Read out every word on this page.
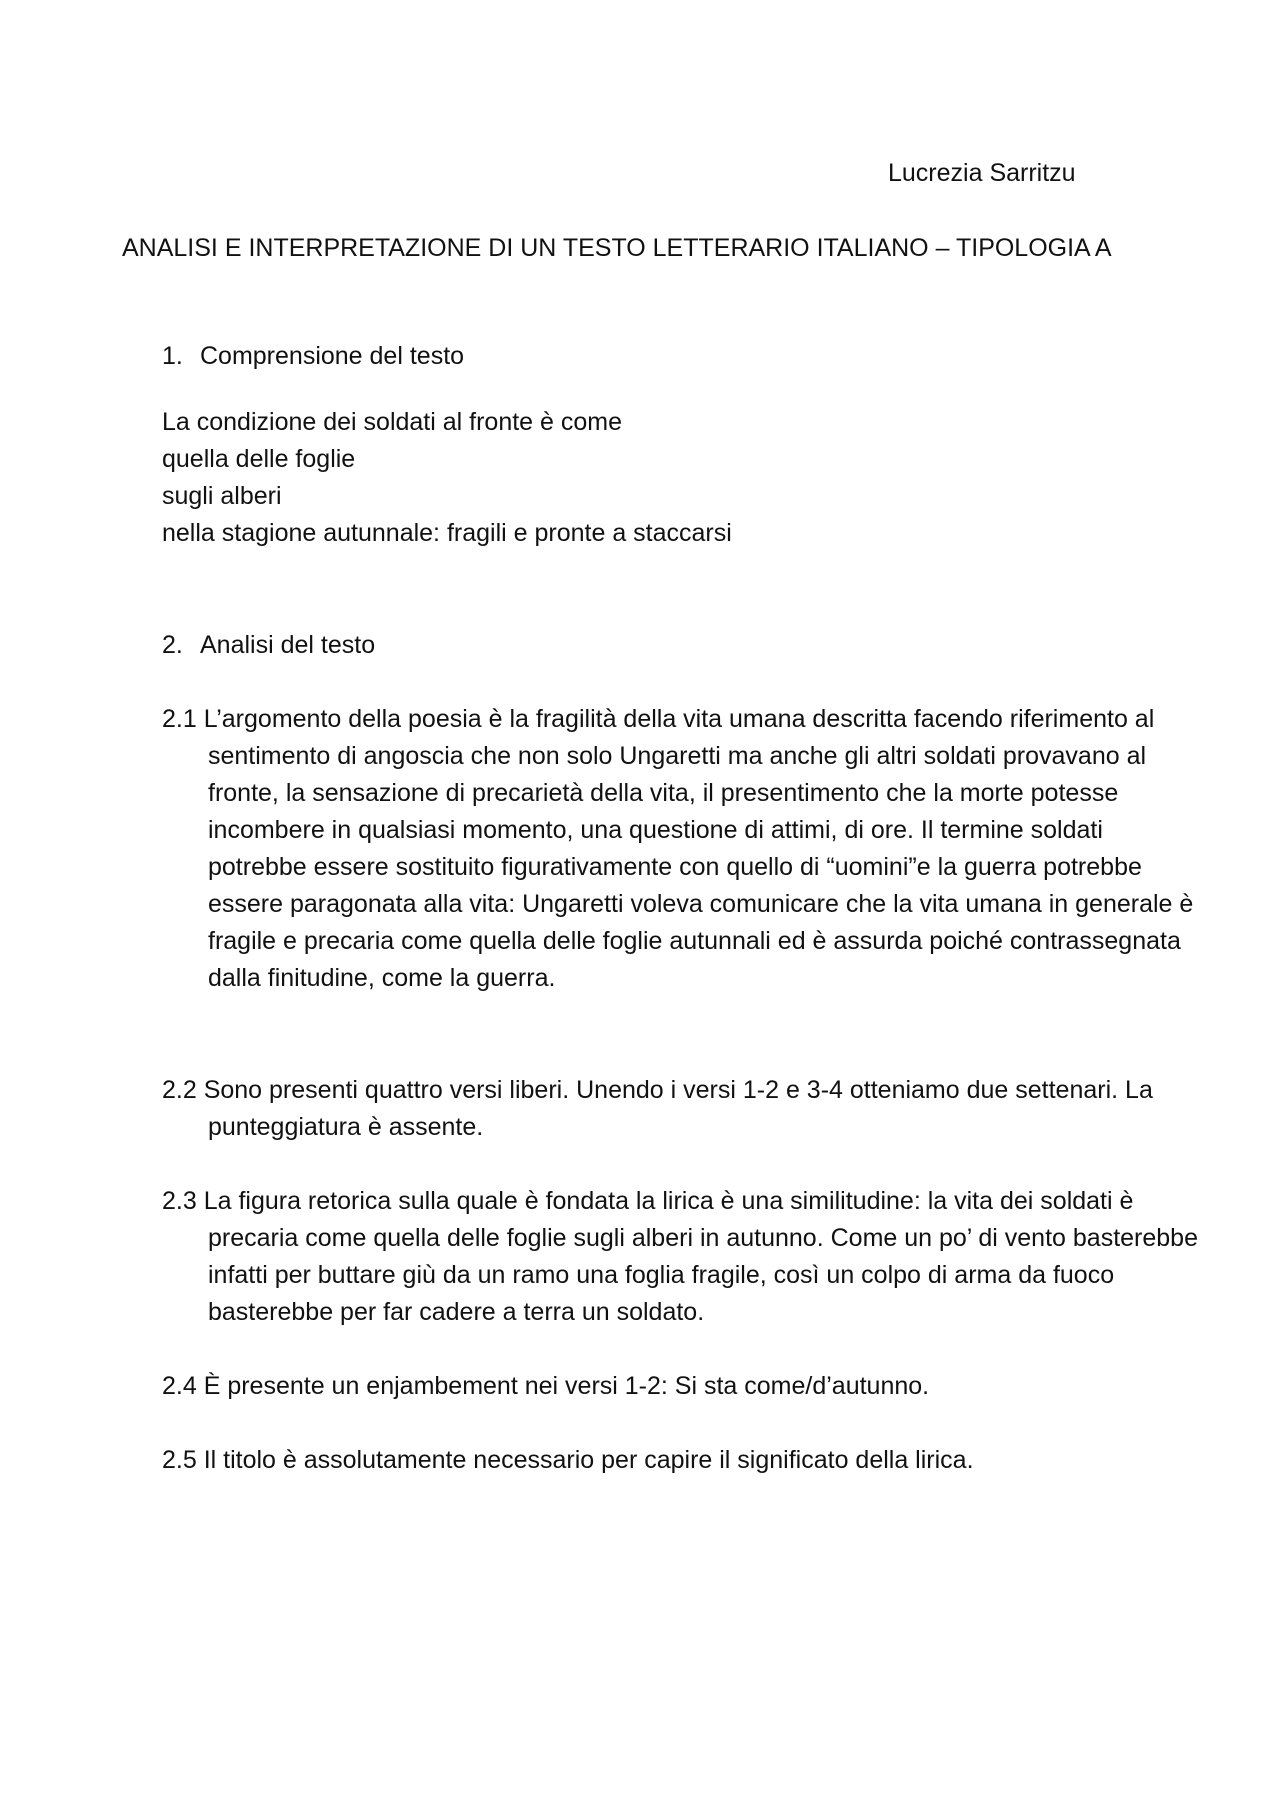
Lucrezia Sarritzu
ANALISI E INTERPRETAZIONE DI UN TESTO LETTERARIO ITALIANO – TIPOLOGIA A
1. Comprensione del testo
La condizione dei soldati al fronte è come
quella delle foglie
sugli alberi
nella stagione autunnale: fragili e pronte a staccarsi
2. Analisi del testo

2.1 L’argomento della poesia è la fragilità della vita umana descritta facendo riferimento al sentimento di angoscia che non solo Ungaretti ma anche gli altri soldati provavano al fronte, la sensazione di precarietà della vita, il presentimento che la morte potesse incombere in qualsiasi momento, una questione di attimi, di ore. Il termine soldati potrebbe essere sostituito figurativamente con quello di “uomini”e la guerra potrebbe essere paragonata alla vita: Ungaretti voleva comunicare che la vita umana in generale è fragile e precaria come quella delle foglie autunnali ed è assurda poiché contrassegnata dalla finitudine, come la guerra.

2.2 Sono presenti quattro versi liberi. Unendo i versi 1-2 e 3-4 otteniamo due settenari. La punteggiatura è assente.

2.3 La figura retorica sulla quale è fondata la lirica è una similitudine: la vita dei soldati è precaria come quella delle foglie sugli alberi in autunno. Come un po’ di vento basterebbe infatti per buttare giù da un ramo una foglia fragile, così un colpo di arma da fuoco basterebbe per far cadere a terra un soldato.

2.4 È presente un enjambement nei versi 1-2: Si sta come/d’autunno.

2.5 Il titolo è assolutamente necessario per capire il significato della lirica.
